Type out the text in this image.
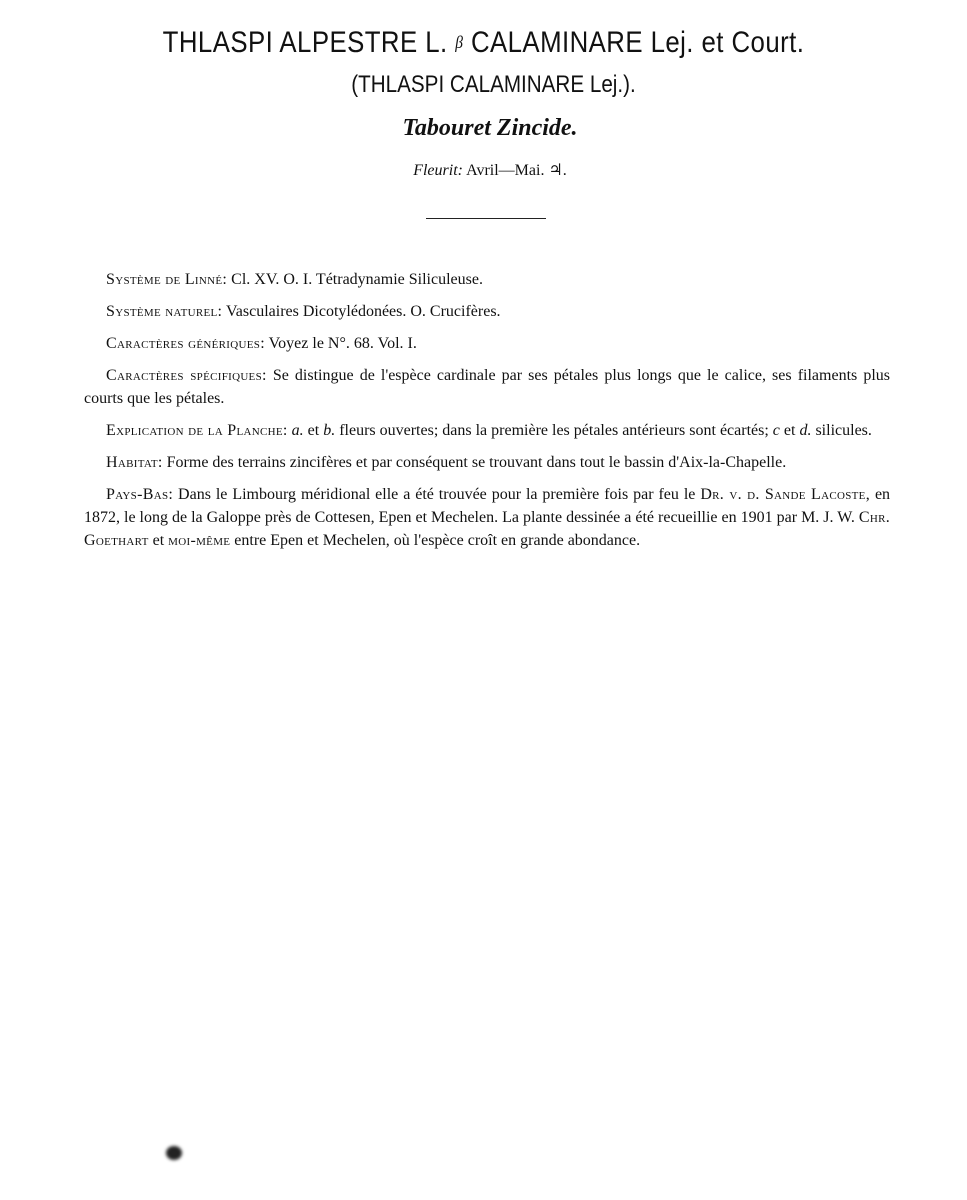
THLASPI ALPESTRE L. β CALAMINARE Lej. et Court.
(THLASPI CALAMINARE Lej.).
Tabouret Zincide.
Fleurit: Avril—Mai. ♃.

Système de Linné: Cl. XV. O. I. Tétradynamie Siliculeuse.

Système naturel: Vasculaires Dicotylédonées. O. Crucifères.

Caractères génériques: Voyez le N°. 68. Vol. I.

Caractères spécifiques: Se distingue de l'espèce cardinale par ses pétales plus longs que le calice, ses filaments plus courts que les pétales.

Explication de la Planche: a. et b. fleurs ouvertes; dans la première les pétales antérieurs sont écartés; c et d. silicules.

Habitat: Forme des terrains zincifères et par conséquent se trouvant dans tout le bassin d'Aix-la-Chapelle.

Pays-Bas: Dans le Limbourg méridional elle a été trouvée pour la première fois par feu le Dr. v. d. Sande Lacoste, en 1872, le long de la Galoppe près de Cottesen, Epen et Mechelen. La plante dessinée a été recueillie en 1901 par M. J. W. Chr. Goethart et moi-même entre Epen et Mechelen, où l'espèce croît en grande abondance.
